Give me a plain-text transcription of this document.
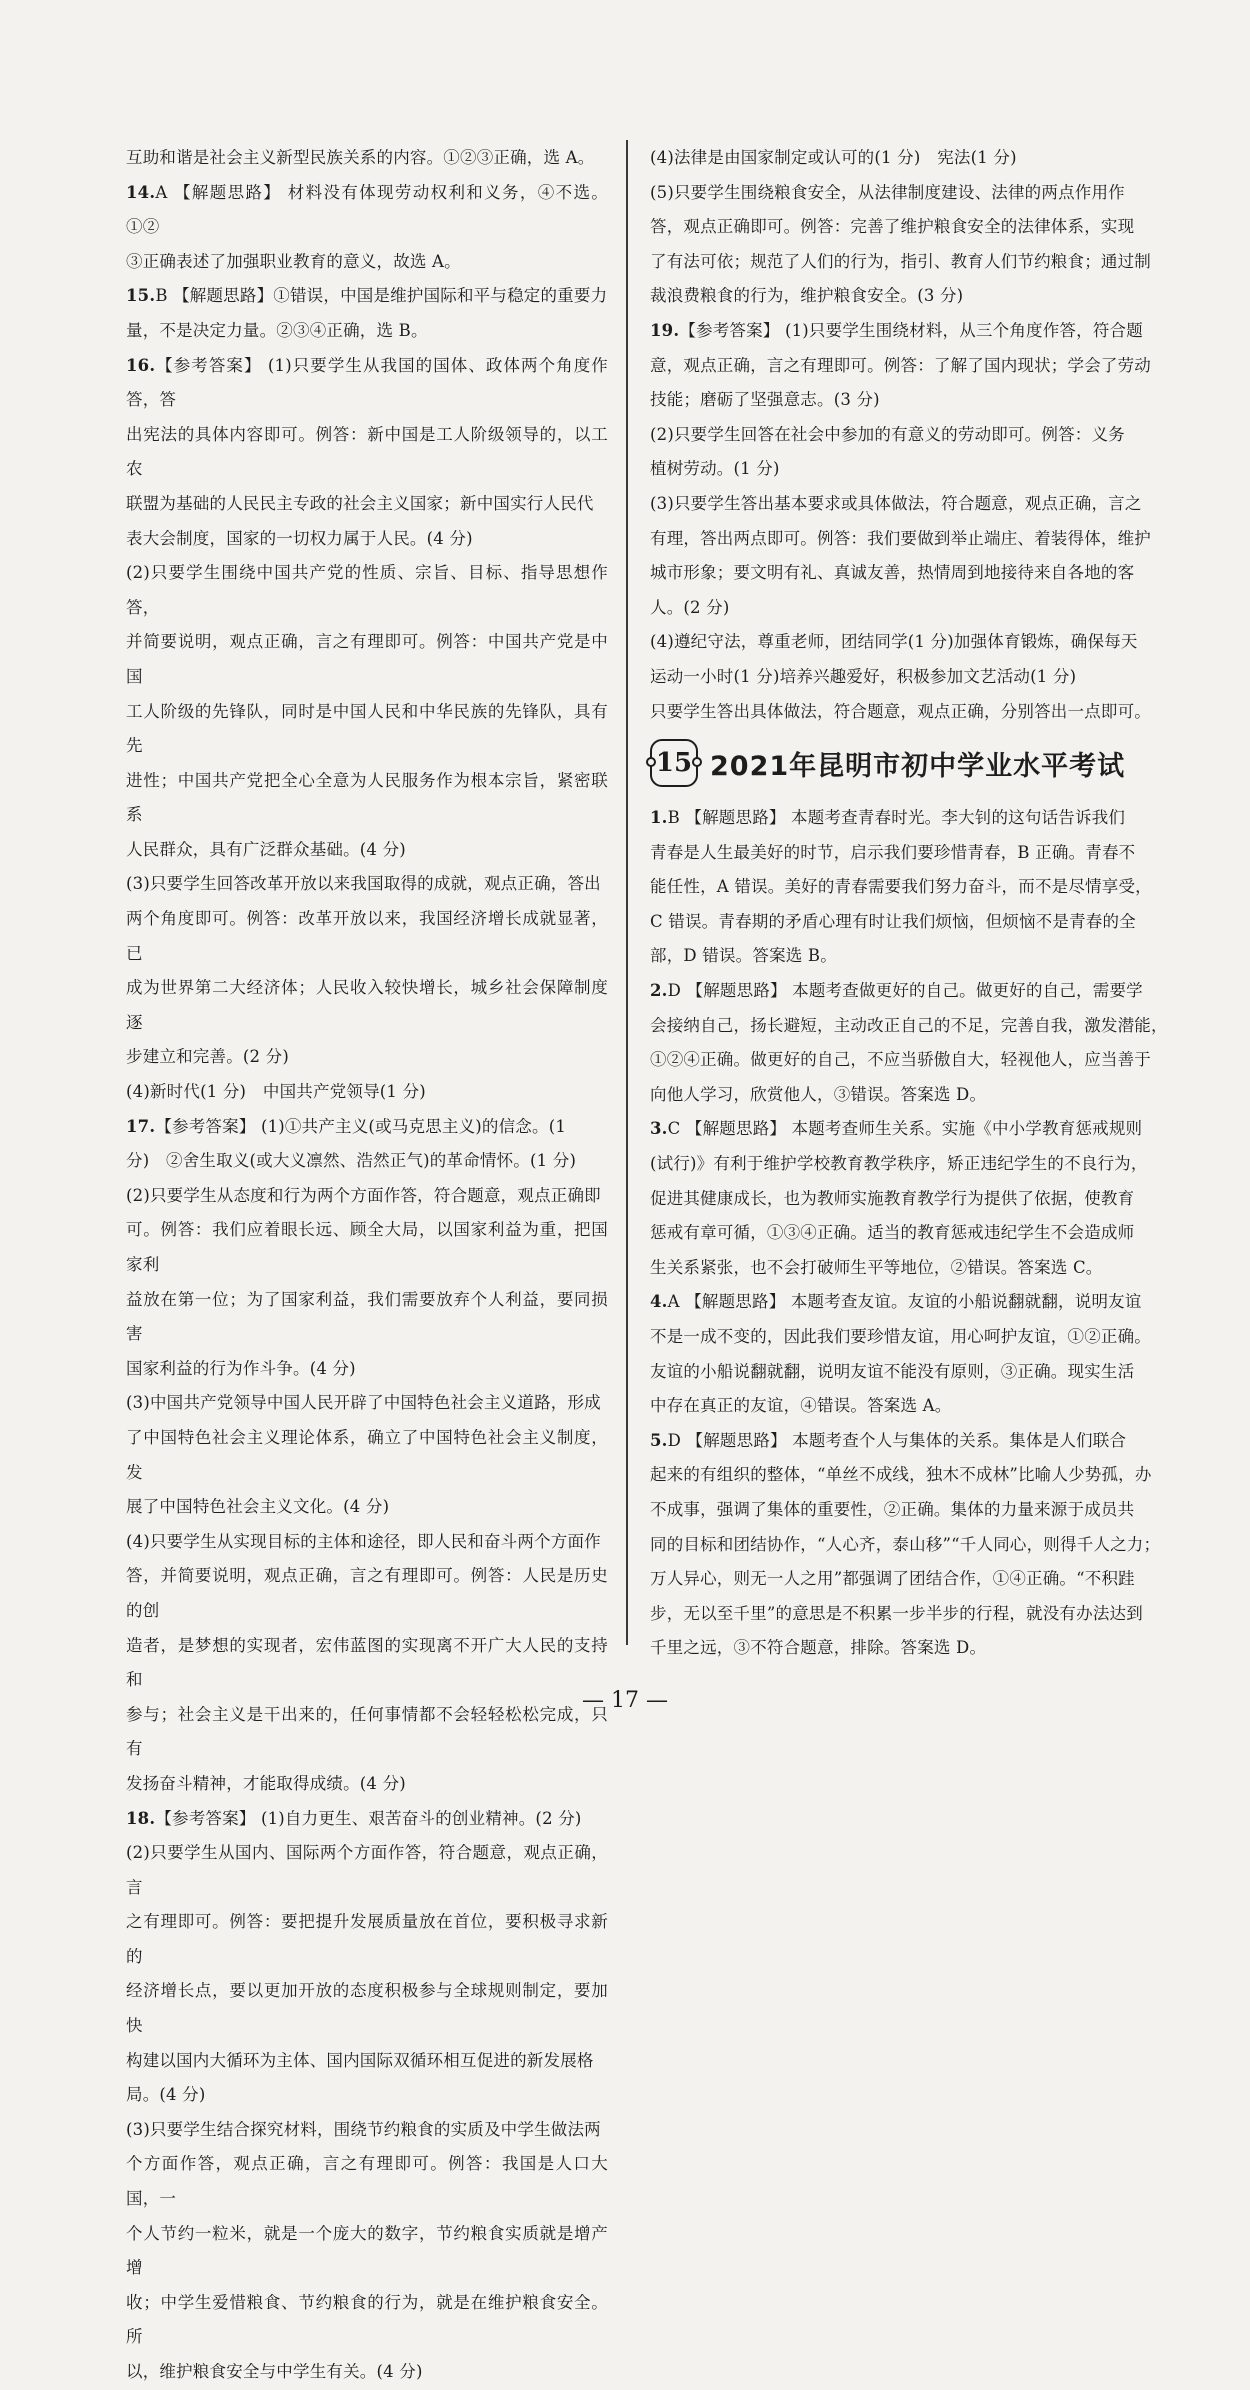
互助和谐是社会主义新型民族关系的内容。①②③正确，选 A。

14.A 【解题思路】 材料没有体现劳动权利和义务，④不选。①②

③正确表述了加强职业教育的意义，故选 A。

15.B 【解题思路】①错误，中国是维护国际和平与稳定的重要力

量，不是决定力量。②③④正确，选 B。

16.【参考答案】 (1)只要学生从我国的国体、政体两个角度作答，答

出宪法的具体内容即可。例答：新中国是工人阶级领导的，以工农

联盟为基础的人民民主专政的社会主义国家；新中国实行人民代

表大会制度，国家的一切权力属于人民。(4 分)

(2)只要学生围绕中国共产党的性质、宗旨、目标、指导思想作答，

并简要说明，观点正确，言之有理即可。例答：中国共产党是中国

工人阶级的先锋队，同时是中国人民和中华民族的先锋队，具有先

进性；中国共产党把全心全意为人民服务作为根本宗旨，紧密联系

人民群众，具有广泛群众基础。(4 分)

(3)只要学生回答改革开放以来我国取得的成就，观点正确，答出

两个角度即可。例答：改革开放以来，我国经济增长成就显著，已

成为世界第二大经济体；人民收入较快增长，城乡社会保障制度逐

步建立和完善。(2 分)

(4)新时代(1 分)　中国共产党领导(1 分)

17.【参考答案】 (1)①共产主义(或马克思主义)的信念。(1

分)　②舍生取义(或大义凛然、浩然正气)的革命情怀。(1 分)

(2)只要学生从态度和行为两个方面作答，符合题意，观点正确即

可。例答：我们应着眼长远、顾全大局，以国家利益为重，把国家利

益放在第一位；为了国家利益，我们需要放弃个人利益，要同损害

国家利益的行为作斗争。(4 分)

(3)中国共产党领导中国人民开辟了中国特色社会主义道路，形成

了中国特色社会主义理论体系，确立了中国特色社会主义制度，发

展了中国特色社会主义文化。(4 分)

(4)只要学生从实现目标的主体和途径，即人民和奋斗两个方面作

答，并简要说明，观点正确，言之有理即可。例答：人民是历史的创

造者，是梦想的实现者，宏伟蓝图的实现离不开广大人民的支持和

参与；社会主义是干出来的，任何事情都不会轻轻松松完成，只有

发扬奋斗精神，才能取得成绩。(4 分)

18.【参考答案】 (1)自力更生、艰苦奋斗的创业精神。(2 分)

(2)只要学生从国内、国际两个方面作答，符合题意，观点正确，言

之有理即可。例答：要把提升发展质量放在首位，要积极寻求新的

经济增长点，要以更加开放的态度积极参与全球规则制定，要加快

构建以国内大循环为主体、国内国际双循环相互促进的新发展格

局。(4 分)

(3)只要学生结合探究材料，围绕节约粮食的实质及中学生做法两

个方面作答，观点正确，言之有理即可。例答：我国是人口大国，一

个人节约一粒米，就是一个庞大的数字，节约粮食实质就是增产增

收；中学生爱惜粮食、节约粮食的行为，就是在维护粮食安全。所

以，维护粮食安全与中学生有关。(4 分)

(4)法律是由国家制定或认可的(1 分)　宪法(1 分)

(5)只要学生围绕粮食安全，从法律制度建设、法律的两点作用作

答，观点正确即可。例答：完善了维护粮食安全的法律体系，实现

了有法可依；规范了人们的行为，指引、教育人们节约粮食；通过制

裁浪费粮食的行为，维护粮食安全。(3 分)

19.【参考答案】 (1)只要学生围绕材料，从三个角度作答，符合题

意，观点正确，言之有理即可。例答：了解了国内现状；学会了劳动

技能；磨砺了坚强意志。(3 分)

(2)只要学生回答在社会中参加的有意义的劳动即可。例答：义务

植树劳动。(1 分)

(3)只要学生答出基本要求或具体做法，符合题意，观点正确，言之

有理，答出两点即可。例答：我们要做到举止端庄、着装得体，维护

城市形象；要文明有礼、真诚友善，热情周到地接待来自各地的客

人。(2 分)

(4)遵纪守法，尊重老师，团结同学(1 分)加强体育锻炼，确保每天

运动一小时(1 分)培养兴趣爱好，积极参加文艺活动(1 分)

只要学生答出具体做法，符合题意，观点正确，分别答出一点即可。

15 2021年昆明市初中学业水平考试

1.B 【解题思路】 本题考查青春时光。李大钊的这句话告诉我们

青春是人生最美好的时节，启示我们要珍惜青春，B 正确。青春不

能任性，A 错误。美好的青春需要我们努力奋斗，而不是尽情享受，

C 错误。青春期的矛盾心理有时让我们烦恼，但烦恼不是青春的全

部，D 错误。答案选 B。

2.D 【解题思路】 本题考查做更好的自己。做更好的自己，需要学

会接纳自己，扬长避短，主动改正自己的不足，完善自我，激发潜能，

①②④正确。做更好的自己，不应当骄傲自大，轻视他人，应当善于

向他人学习，欣赏他人，③错误。答案选 D。

3.C 【解题思路】 本题考查师生关系。实施《中小学教育惩戒规则

(试行)》有利于维护学校教育教学秩序，矫正违纪学生的不良行为，

促进其健康成长，也为教师实施教育教学行为提供了依据，使教育

惩戒有章可循，①③④正确。适当的教育惩戒违纪学生不会造成师

生关系紧张，也不会打破师生平等地位，②错误。答案选 C。

4.A 【解题思路】 本题考查友谊。友谊的小船说翻就翻，说明友谊

不是一成不变的，因此我们要珍惜友谊，用心呵护友谊，①②正确。

友谊的小船说翻就翻，说明友谊不能没有原则，③正确。现实生活

中存在真正的友谊，④错误。答案选 A。

5.D 【解题思路】 本题考查个人与集体的关系。集体是人们联合

起来的有组织的整体，“单丝不成线，独木不成林”比喻人少势孤，办

不成事，强调了集体的重要性，②正确。集体的力量来源于成员共

同的目标和团结协作，“人心齐，泰山移”“千人同心，则得千人之力；

万人异心，则无一人之用”都强调了团结合作，①④正确。“不积跬

步，无以至千里”的意思是不积累一步半步的行程，就没有办法达到

千里之远，③不符合题意，排除。答案选 D。

— 17 —
